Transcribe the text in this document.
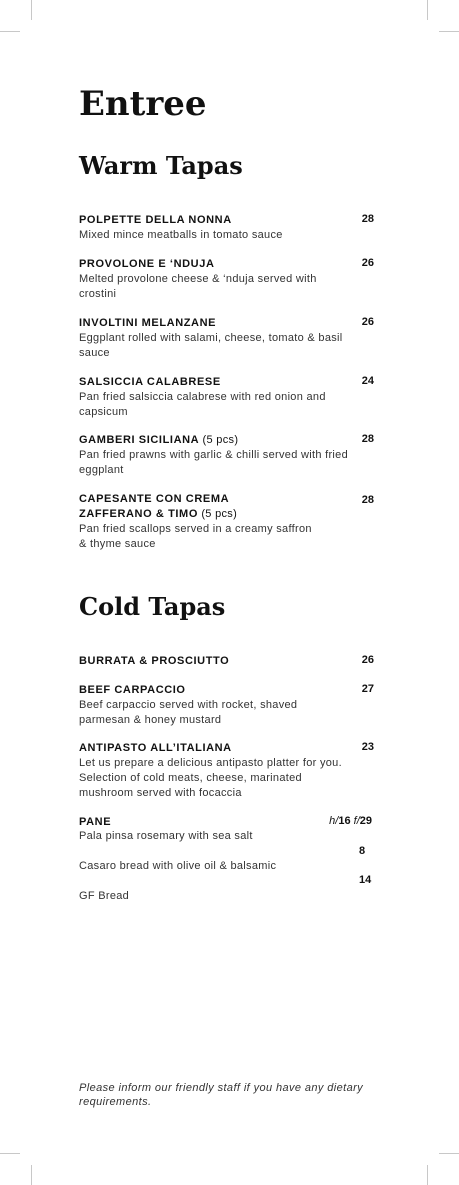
Entree
Warm Tapas
POLPETTE DELLA NONNA
Mixed mince meatballs in tomato sauce
28
PROVOLONE E ‘NDUJA
Melted provolone cheese & ‘nduja served with crostini
26
INVOLTINI MELANZANE
Eggplant rolled with salami, cheese, tomato & basil sauce
26
SALSICCIA CALABRESE
Pan fried salsiccia calabrese with red onion and capsicum
24
GAMBERI SICILIANA (5 pcs)
Pan fried prawns with garlic & chilli served with fried eggplant
28
CAPESANTE CON CREMA ZAFFERANO & TIMO (5 pcs)
Pan fried scallops served in a creamy saffron & thyme sauce
28
Cold Tapas
BURRATA & PROSCIUTTO	26
BEEF CARPACCIO
Beef carpaccio served with rocket, shaved parmesan & honey mustard
27
ANTIPASTO ALL’ITALIANA
Let us prepare a delicious antipasto platter for you. Selection of cold meats, cheese, marinated mushroom served with focaccia
23
PANE	h/16 f/29
Pala pinsa rosemary with sea salt
8
Casaro bread with olive oil & balsamic
14
GF Bread
Please inform our friendly staff if you have any dietary requirements.
